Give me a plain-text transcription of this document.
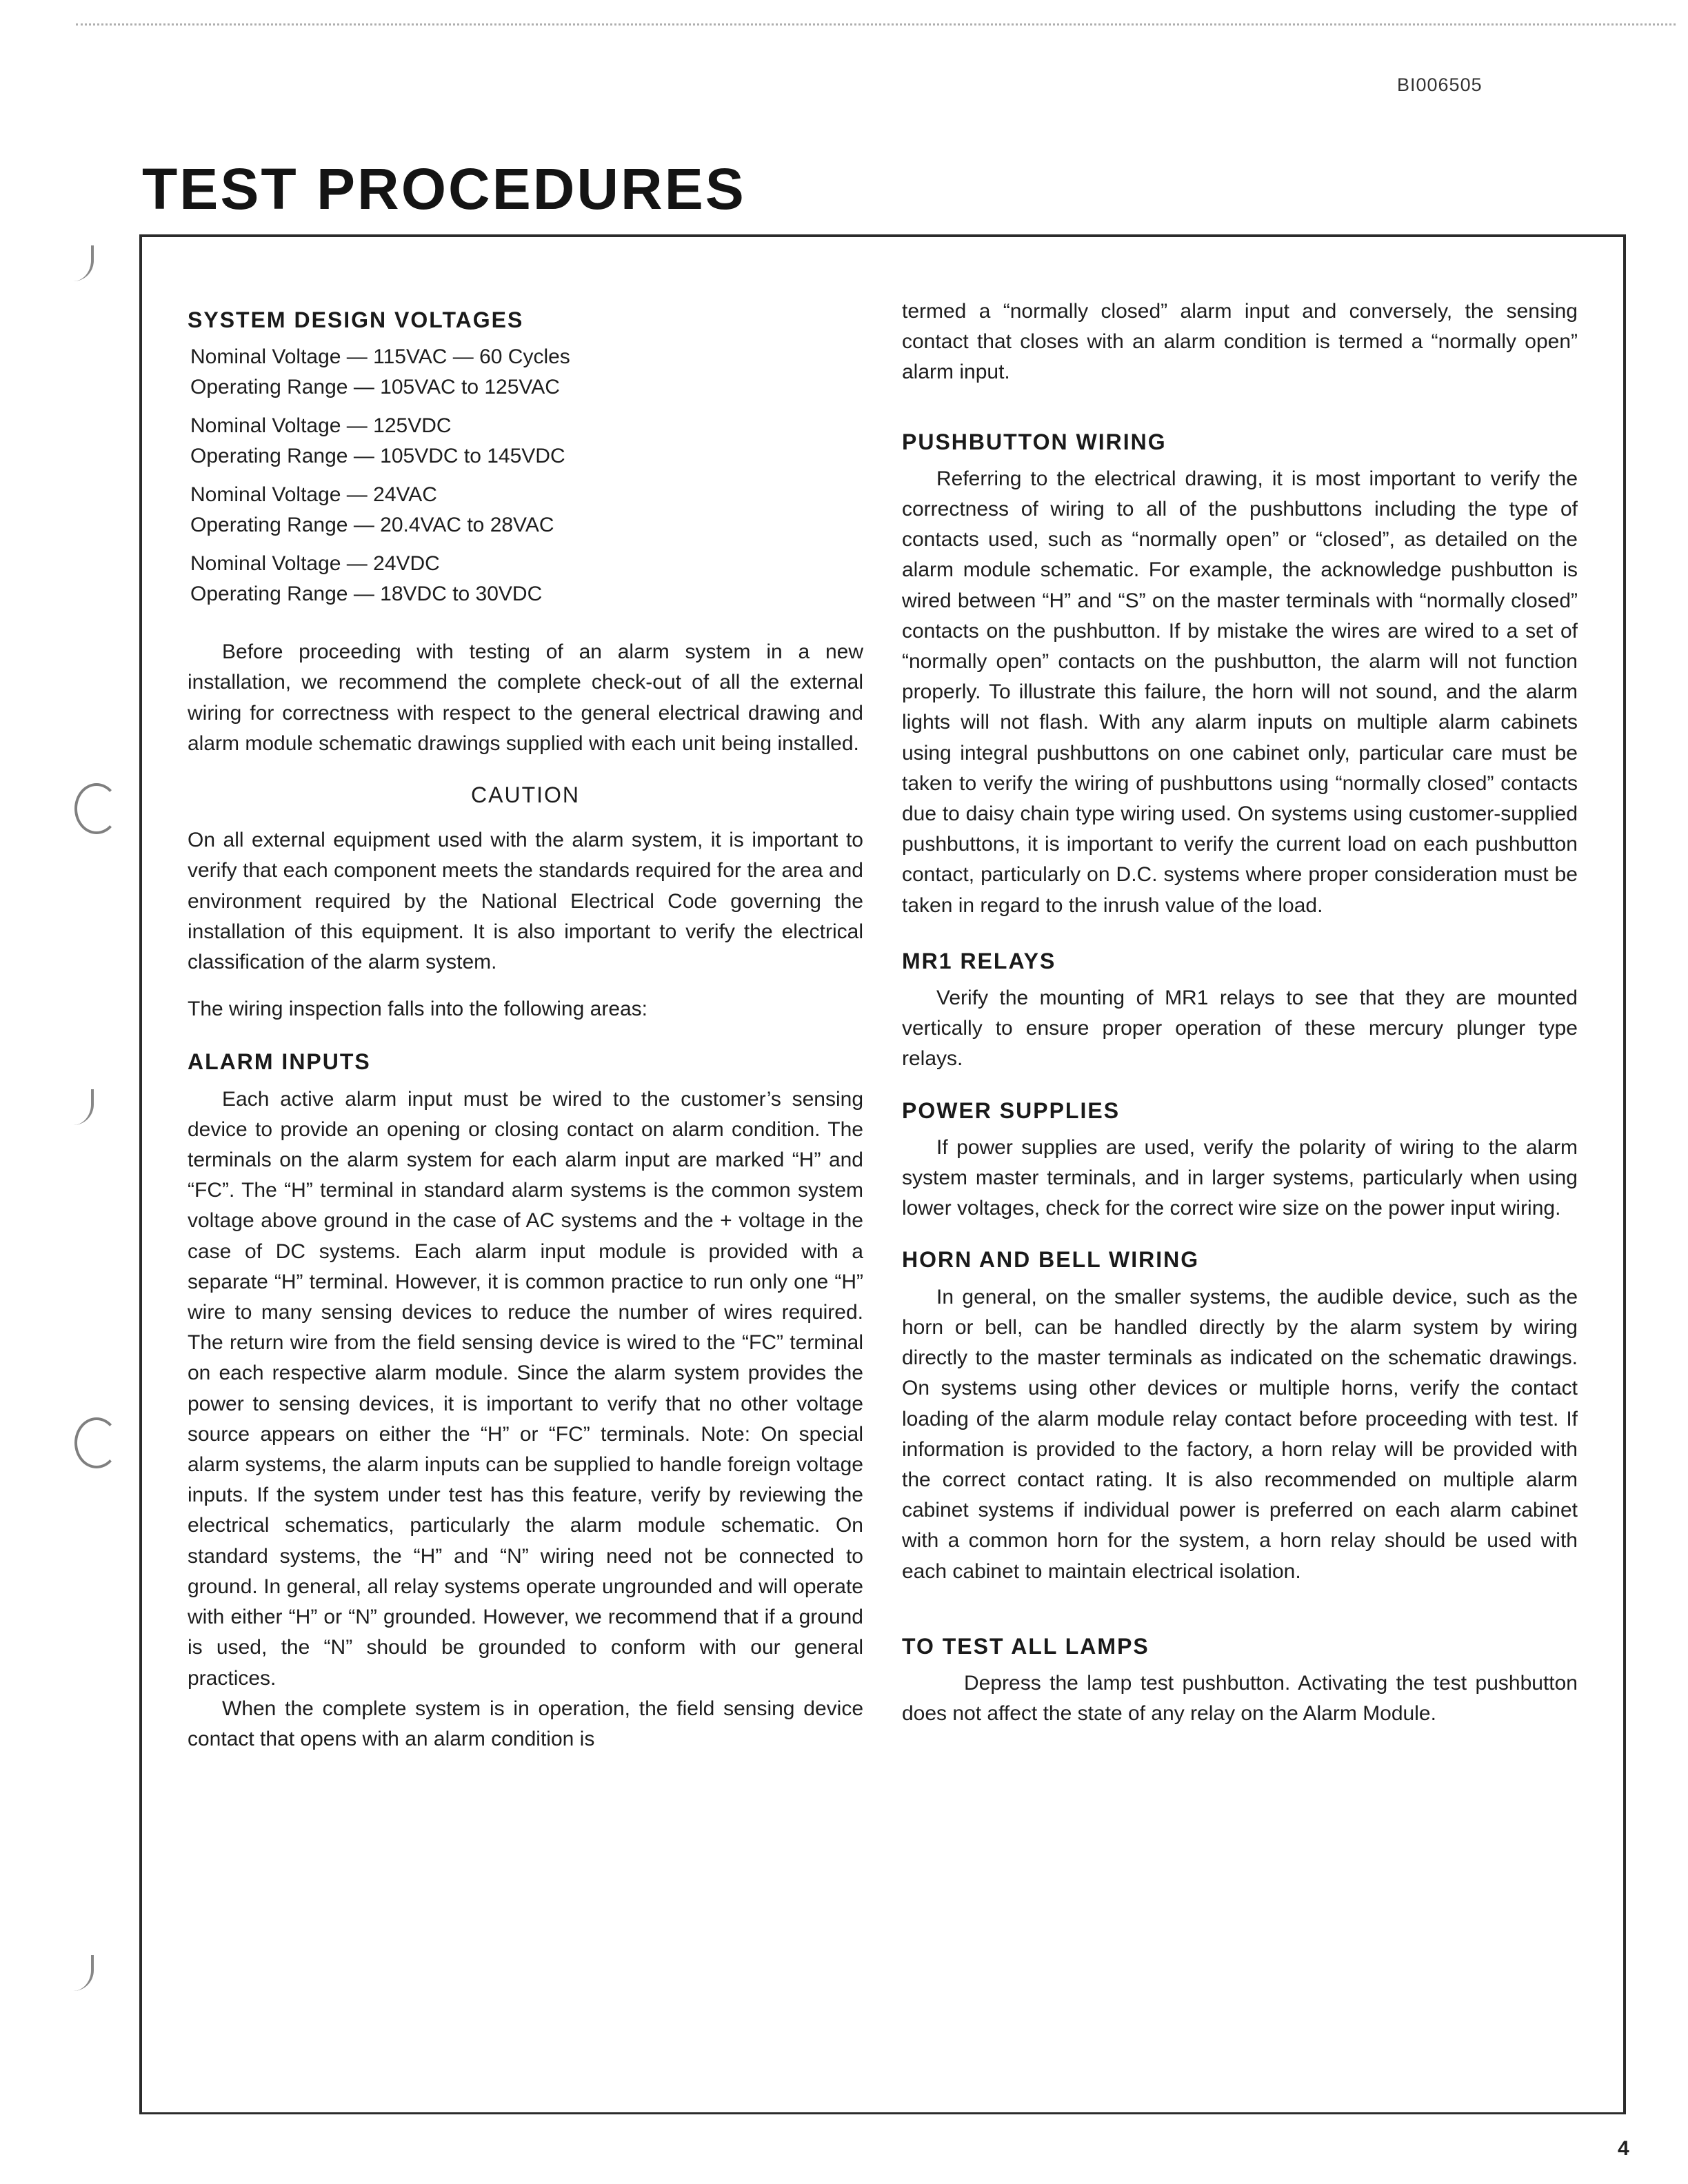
BI006505
TEST PROCEDURES
SYSTEM DESIGN VOLTAGES
Nominal Voltage — 115VAC — 60 Cycles
Operating Range — 105VAC to 125VAC
Nominal Voltage — 125VDC
Operating Range — 105VDC to 145VDC
Nominal Voltage — 24VAC
Operating Range — 20.4VAC to 28VAC
Nominal Voltage — 24VDC
Operating Range — 18VDC to 30VDC

Before proceeding with testing of an alarm system in a new installation, we recommend the complete check-out of all the external wiring for correctness with respect to the general electrical drawing and alarm module schematic drawings supplied with each unit being installed.

CAUTION

On all external equipment used with the alarm system, it is important to verify that each component meets the standards required for the area and environment required by the National Electrical Code governing the installation of this equipment. It is also important to verify the electrical classification of the alarm system.

The wiring inspection falls into the following areas:

ALARM INPUTS

Each active alarm input must be wired to the customer’s sensing device to provide an opening or closing contact on alarm condition. The terminals on the alarm system for each alarm input are marked “H” and “FC”. The “H” terminal in standard alarm systems is the common system voltage above ground in the case of AC systems and the + voltage in the case of DC systems. Each alarm input module is provided with a separate “H” terminal. However, it is common practice to run only one “H” wire to many sensing devices to reduce the number of wires required. The return wire from the field sensing device is wired to the “FC” terminal on each respective alarm module. Since the alarm system provides the power to sensing devices, it is important to verify that no other voltage source appears on either the “H” or “FC” terminals. Note: On special alarm systems, the alarm inputs can be supplied to handle foreign voltage inputs. If the system under test has this feature, verify by reviewing the electrical schematics, particularly the alarm module schematic. On standard systems, the “H” and “N” wiring need not be connected to ground. In general, all relay systems operate ungrounded and will operate with either “H” or “N” grounded. However, we recommend that if a ground is used, the “N” should be grounded to conform with our general practices.

When the complete system is in operation, the field sensing device contact that opens with an alarm condition is

termed a “normally closed” alarm input and conversely, the sensing contact that closes with an alarm condition is termed a “normally open” alarm input.

PUSHBUTTON WIRING

Referring to the electrical drawing, it is most important to verify the correctness of wiring to all of the pushbuttons including the type of contacts used, such as “normally open” or “closed”, as detailed on the alarm module schematic. For example, the acknowledge pushbutton is wired between “H” and “S” on the master terminals with “normally closed” contacts on the pushbutton. If by mistake the wires are wired to a set of “normally open” contacts on the pushbutton, the alarm will not function properly. To illustrate this failure, the horn will not sound, and the alarm lights will not flash. With any alarm inputs on multiple alarm cabinets using integral pushbuttons on one cabinet only, particular care must be taken to verify the wiring of pushbuttons using “normally closed” contacts due to daisy chain type wiring used. On systems using customer-supplied pushbuttons, it is important to verify the current load on each pushbutton contact, particularly on D.C. systems where proper consideration must be taken in regard to the inrush value of the load.

MR1 RELAYS

Verify the mounting of MR1 relays to see that they are mounted vertically to ensure proper operation of these mercury plunger type relays.

POWER SUPPLIES

If power supplies are used, verify the polarity of wiring to the alarm system master terminals, and in larger systems, particularly when using lower voltages, check for the correct wire size on the power input wiring.

HORN AND BELL WIRING

In general, on the smaller systems, the audible device, such as the horn or bell, can be handled directly by the alarm system by wiring directly to the master terminals as indicated on the schematic drawings. On systems using other devices or multiple horns, verify the contact loading of the alarm module relay contact before proceeding with test. If information is provided to the factory, a horn relay will be provided with the correct contact rating. It is also recommended on multiple alarm cabinet systems if individual power is preferred on each alarm cabinet with a common horn for the system, a horn relay should be used with each cabinet to maintain electrical isolation.

TO TEST ALL LAMPS

Depress the lamp test pushbutton. Activating the test pushbutton does not affect the state of any relay on the Alarm Module.

4
